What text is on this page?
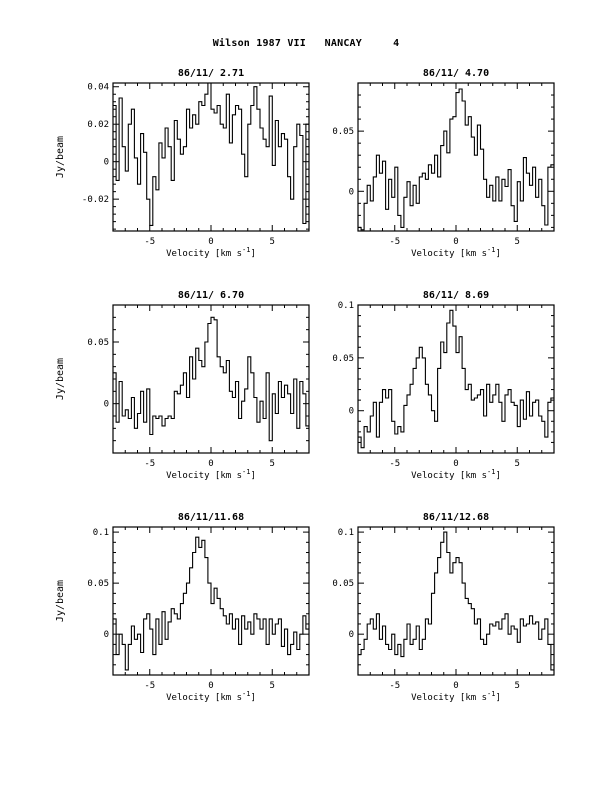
Wilson 1987 VII   NANCAY     4
-5	0	5
-0.02
0
0.02
0.04
86/11/ 2.71
Velocity [km $s^{-1}$]
Jy/beam
-5	0	5
0
0.05
86/11/ 4.70
Velocity [km $s^{-1}$]
-5	0	5
0
0.05
86/11/ 6.70
Velocity [km $s^{-1}$]
Jy/beam
-5	0	5
0
0.05
0.1
86/11/ 8.69
Velocity [km $s^{-1}$]
-5	0	5
0
0.05
0.1
86/11/11.68
Velocity [km $s^{-1}$]
Jy/beam
-5	0	5
0
0.05
0.1
86/11/12.68
Velocity [km $s^{-1}$]
